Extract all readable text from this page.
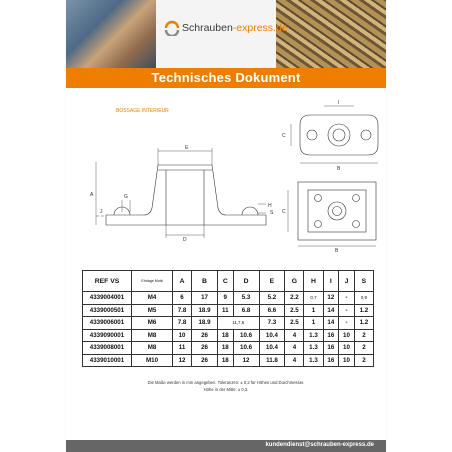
Schrauben-express.de
Technisches Dokument
BOSSAGE INTERIEUR
E
A	G
J
H
S
D
I
C
B
C
B
REF VS	Ehrlage Motb	A	B	C	D	E	G	H	I	J	S
4339004001	M4	6	17	9	5.3	5.2	2.2	0,7	12	-	0,9
4339000501	M5	7.8	18.9	11	6.8	6.6	2.5	1	14	-	1.2
4339006001	M6	7.8	18.9	11,7,6		7.3	2.5	1	14	-	1.2
4339090001	M8	10	26	18	10.6	10.4	4	1.3	16	10	2
4339008001	M8	11	26	18	10.6	10.4	4	1.3	16	10	2
4339010001	M10	12	26	18	12	11.8	4	1.3	16	10	2
Die Maße werden in mm angegeben. Toleranzen: ± 0,2 für Höhen und Durchmesser.
Höhe in der Mitte: ± 0,3.
kundendienst@schrauben-express.de
